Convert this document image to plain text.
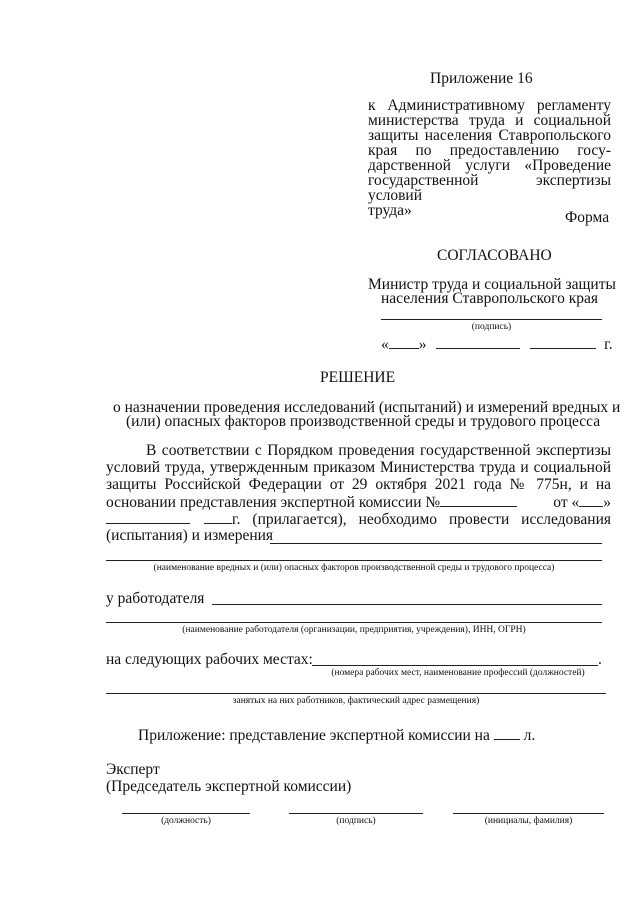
Приложение 16
к Административному регламенту
министерства труда и социальной
защиты населения Ставропольского
края по предоставлению госу-
дарственной услуги «Проведение
государственной экспертизы условий
труда»	Форма
СОГЛАСОВАНО
Министр труда и социальной защиты
населения Ставропольского края
(подпись)
« »	г.
РЕШЕНИЕ
о назначении проведения исследований (испытаний) и измерений вредных и
(или) опасных факторов производственной среды и трудового процесса
В соответствии с Порядком проведения государственной экспертизы
условий труда, утвержденным приказом Министерства труда и социальной
защиты Российской Федерации от 29 октября 2021 года № 775н, и на
основании представления экспертной комиссии №	от « »
г. (прилагается), необходимо провести исследования
(испытания) и измерения
(наименование вредных и (или) опасных факторов производственной среды и трудового процесса)
у работодателя
(наименование работодателя (организации, предприятия, учреждения), ИНН, ОГРН)
на следующих рабочих местах:	.
(номера рабочих мест, наименование профессий (должностей)
занятых на них работников, фактический адрес размещения)
Приложение: представление экспертной комиссии на л.
Эксперт
(Председатель экспертной комиссии)
(должность)	(подпись)	(инициалы, фамилия)
